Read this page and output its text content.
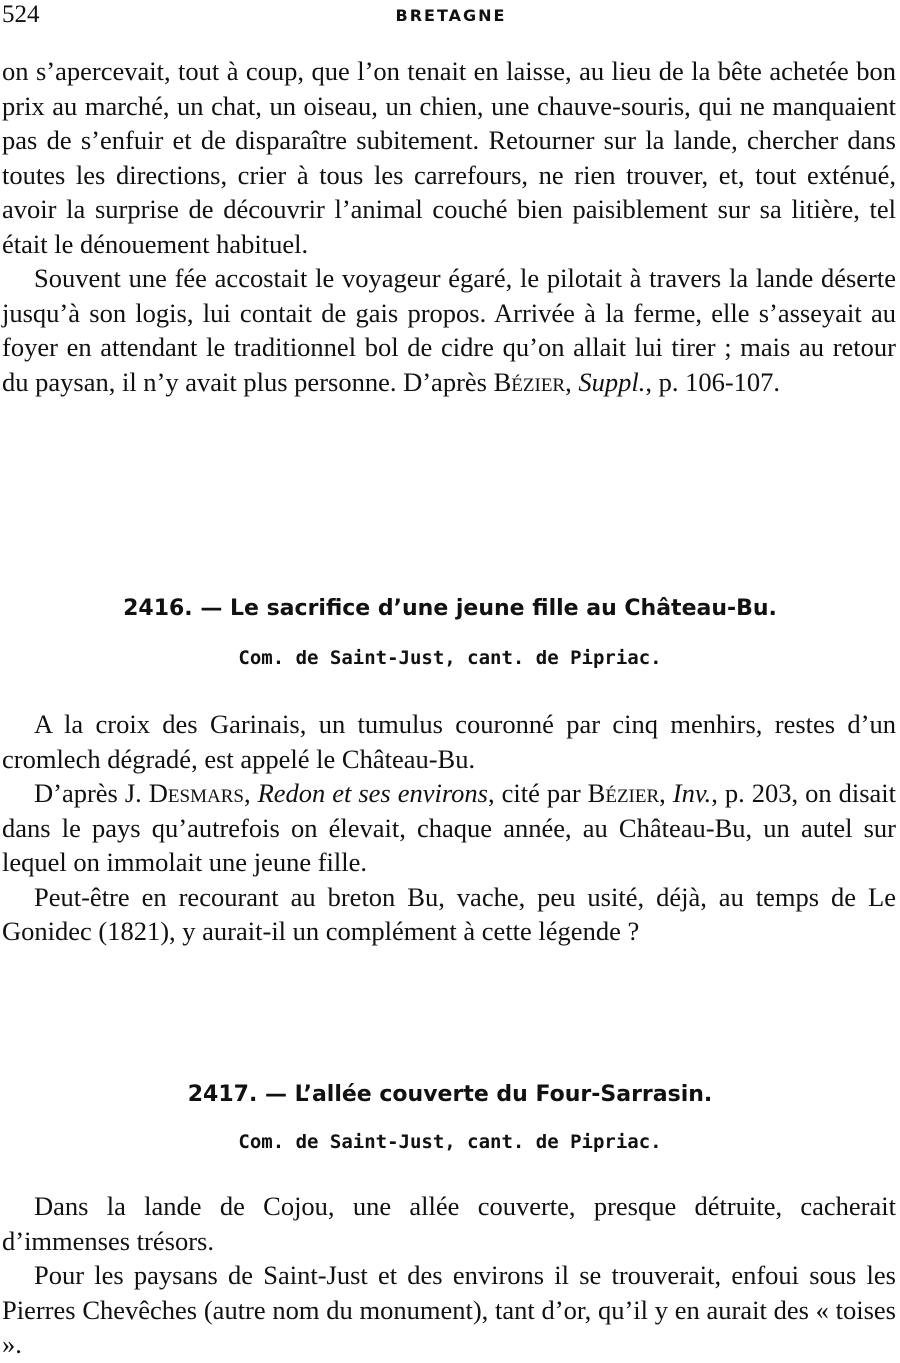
524	BRETAGNE

on s’apercevait, tout à coup, que l’on tenait en laisse, au lieu de la bête achetée bon prix au marché, un chat, un oiseau, un chien, une chauve-souris, qui ne manquaient pas de s’enfuir et de disparaître subitement. Retourner sur la lande, chercher dans toutes les directions, crier à tous les carrefours, ne rien trouver, et, tout exténué, avoir la surprise de découvrir l’animal couché bien paisiblement sur sa litière, tel était le dénouement habituel.

Souvent une fée accostait le voyageur égaré, le pilotait à travers la lande déserte jusqu’à son logis, lui contait de gais propos. Arrivée à la ferme, elle s’asseyait au foyer en attendant le traditionnel bol de cidre qu’on allait lui tirer ; mais au retour du paysan, il n’y avait plus personne. D’après Bézier, Suppl., p. 106-107.

2416. — Le sacrifice d’une jeune fille au Château-Bu.
Com. de Saint-Just, cant. de Pipriac.

A la croix des Garinais, un tumulus couronné par cinq menhirs, restes d’un cromlech dégradé, est appelé le Château-Bu.

D’après J. Desmars, Redon et ses environs, cité par Bézier, Inv., p. 203, on disait dans le pays qu’autrefois on élevait, chaque année, au Château-Bu, un autel sur lequel on immolait une jeune fille.

Peut-être en recourant au breton Bu, vache, peu usité, déjà, au temps de Le Gonidec (1821), y aurait-il un complément à cette légende ?

2417. — L’allée couverte du Four-Sarrasin.
Com. de Saint-Just, cant. de Pipriac.

Dans la lande de Cojou, une allée couverte, presque détruite, cacherait d’immenses trésors.

Pour les paysans de Saint-Just et des environs il se trouverait, enfoui sous les Pierres Chevêches (autre nom du monument), tant d’or, qu’il y en aurait des « toises ».
